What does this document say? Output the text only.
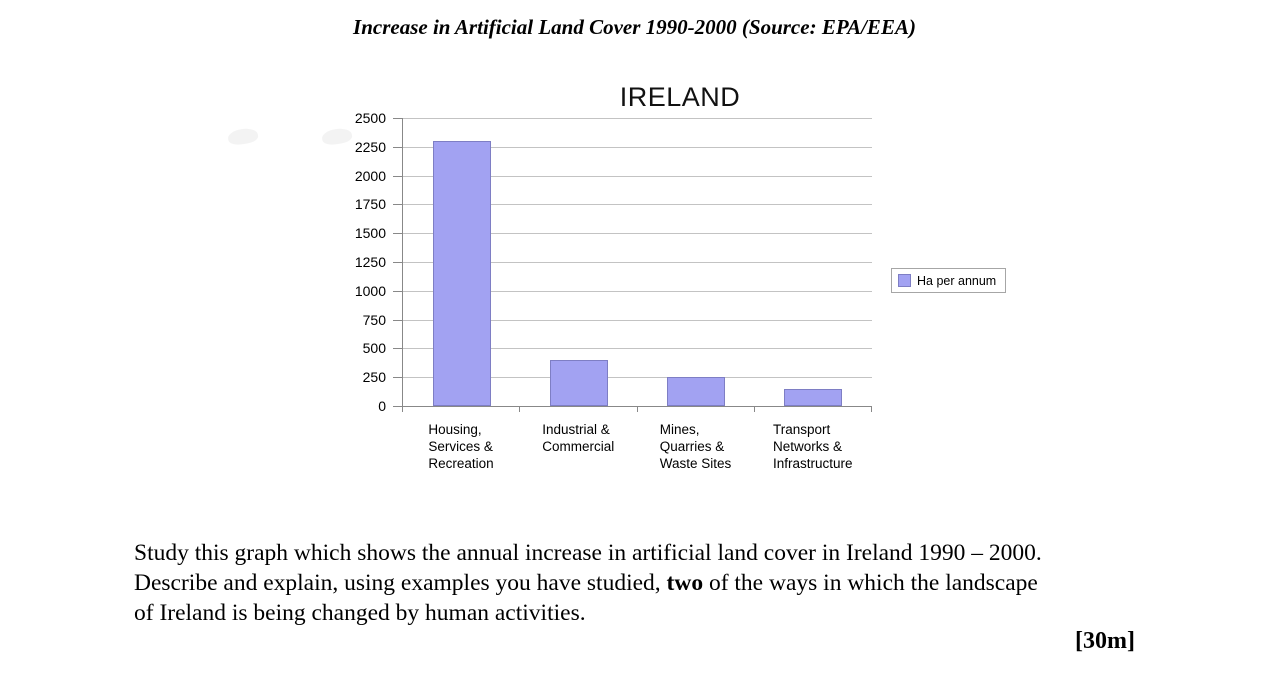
Increase in Artificial Land Cover 1990-2000 (Source: EPA/EEA)
IRELAND
0
250
500
750
1000
1250
1500
1750
2000
2250
2500
Housing,
Services &
Recreation
Industrial &
Commercial
Mines,
Quarries &
Waste Sites
Transport
Networks &
Infrastructure
Ha per annum
Study this graph which shows the annual increase in artificial land cover in Ireland 1990 – 2000.
Describe and explain, using examples you have studied, two of the ways in which the landscape
of Ireland is being changed by human activities.
[30m]
